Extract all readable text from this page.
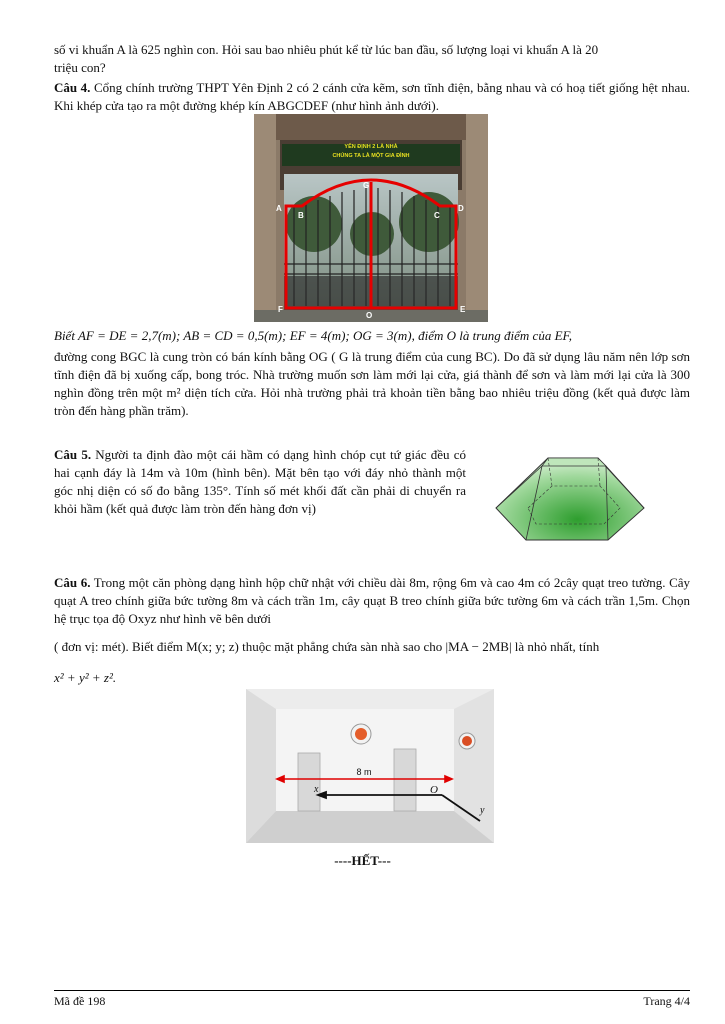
số vi khuẩn A là 625 nghìn con. Hỏi sau bao nhiêu phút kể từ lúc ban đầu, số lượng loại vi khuẩn A là 20
triệu con?

Câu 4. Cổng chính trường THPT Yên Định 2 có 2 cánh cửa kẽm, sơn tĩnh điện, bằng nhau và có hoạ tiết giống hệt nhau. Khi khép cửa tạo ra một đường khép kín ABGCDEF (như hình ảnh dưới).

YÊN ĐỊNH 2 LÀ NHÀ
CHÚNG TA LÀ MỘT GIA ĐÌNH
A
B
G
C
D
E
F
O

Biết AF = DE = 2,7(m); AB = CD = 0,5(m); EF = 4(m); OG = 3(m), điểm O là trung điểm của EF,

đường cong BGC là cung tròn có bán kính bằng OG ( G là trung điểm của cung BC). Do đã sử dụng lâu năm nên lớp sơn tĩnh điện đã bị xuống cấp, bong tróc. Nhà trường muốn sơn làm mới lại cửa, giá thành để sơn và làm mới lại cửa là 300 nghìn đồng trên một m² diện tích cửa. Hỏi nhà trường phải trả khoản tiền bằng bao nhiêu triệu đồng (kết quả được làm tròn đến hàng phần trăm).

Câu 5. Người ta định đào một cái hầm có dạng hình chóp cụt tứ giác đều có hai cạnh đáy là 14m và 10m (hình bên). Mặt bên tạo với đáy nhỏ thành một góc nhị diện có số đo bằng 135°. Tính số mét khối đất cần phải di chuyển ra khỏi hầm (kết quả được làm tròn đến hàng đơn vị)

Câu 6. Trong một căn phòng dạng hình hộp chữ nhật với chiều dài 8m, rộng 6m và cao 4m có 2cây quạt treo tường. Cây quạt A treo chính giữa bức tường 8m và cách trần 1m, cây quạt B treo chính giữa bức tường 6m và cách trần 1,5m. Chọn hệ trục tọa độ Oxyz như hình vẽ bên dưới

( đơn vị: mét). Biết điểm M(x; y; z) thuộc mặt phẳng chứa sàn nhà sao cho |MA − 2MB| là nhỏ nhất, tính

x² + y² + z².

8 m
x	O
y
----HẾT---
Mã đề 198	Trang 4/4
